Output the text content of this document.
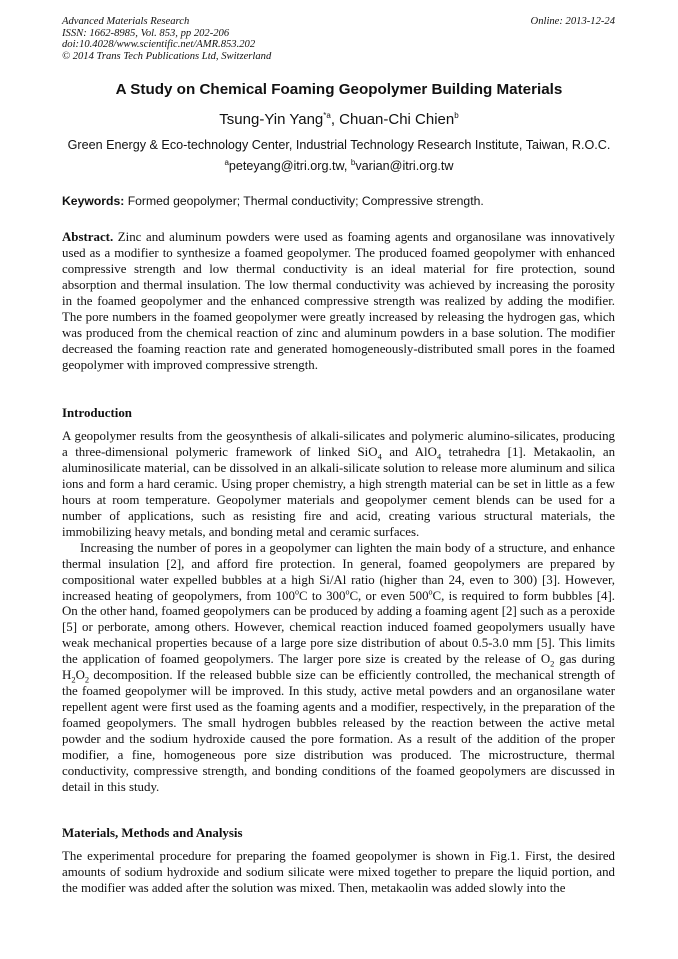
Advanced Materials Research
ISSN: 1662-8985, Vol. 853, pp 202-206
doi:10.4028/www.scientific.net/AMR.853.202
© 2014 Trans Tech Publications Ltd, Switzerland
Online: 2013-12-24
A Study on Chemical Foaming Geopolymer Building Materials
Tsung-Yin Yang$^{*a}$, Chuan-Chi Chien$^b$
Green Energy & Eco-technology Center, Industrial Technology Research Institute, Taiwan, R.O.C.
$^a$peteyang@itri.org.tw, $^b$varian@itri.org.tw
Keywords: Formed geopolymer; Thermal conductivity; Compressive strength.

Abstract. Zinc and aluminum powders were used as foaming agents and organosilane was innovatively used as a modifier to synthesize a foamed geopolymer. The produced foamed geopolymer with enhanced compressive strength and low thermal conductivity is an ideal material for fire protection, sound absorption and thermal insulation. The low thermal conductivity was achieved by increasing the porosity in the foamed geopolymer and the enhanced compressive strength was realized by adding the modifier. The pore numbers in the foamed geopolymer were greatly increased by releasing the hydrogen gas, which was produced from the chemical reaction of zinc and aluminum powders in a base solution. The modifier decreased the foaming reaction rate and generated homogeneously-distributed small pores in the foamed geopolymer with improved compressive strength.

Introduction

A geopolymer results from the geosynthesis of alkali-silicates and polymeric alumino-silicates, producing a three-dimensional polymeric framework of linked SiO$_4$ and AlO$_4$ tetrahedra [1]. Metakaolin, an aluminosilicate material, can be dissolved in an alkali-silicate solution to release more aluminum and silica ions and form a hard ceramic. Using proper chemistry, a high strength material can be set in little as a few hours at room temperature. Geopolymer materials and geopolymer cement blends can be used for a number of applications, such as resisting fire and acid, creating various structural materials, the immobilizing heavy metals, and bonding metal and ceramic surfaces.

Increasing the number of pores in a geopolymer can lighten the main body of a structure, and enhance thermal insulation [2], and afford fire protection. In general, foamed geopolymers are prepared by compositional water expelled bubbles at a high Si/Al ratio (higher than 24, even to 300) [3]. However, increased heating of geopolymers, from 100$^o$C to 300$^o$C, or even 500$^o$C, is required to form bubbles [4]. On the other hand, foamed geopolymers can be produced by adding a foaming agent [2] such as a peroxide [5] or perborate, among others. However, chemical reaction induced foamed geopolymers usually have weak mechanical properties because of a large pore size distribution of about 0.5-3.0 mm [5]. This limits the application of foamed geopolymers. The larger pore size is created by the release of $O_2$ gas during $H_2O_2$ decomposition. If the released bubble size can be efficiently controlled, the mechanical strength of the foamed geopolymer will be improved. In this study, active metal powders and an organosilane water repellent agent were first used as the foaming agents and a modifier, respectively, in the preparation of the foamed geopolymers. The small hydrogen bubbles released by the reaction between the active metal powder and the sodium hydroxide caused the pore formation. As a result of the addition of the proper modifier, a fine, homogeneous pore size distribution was produced. The microstructure, thermal conductivity, compressive strength, and bonding conditions of the foamed geopolymers are discussed in detail in this study.

Materials, Methods and Analysis

The experimental procedure for preparing the foamed geopolymer is shown in Fig.1. First, the desired amounts of sodium hydroxide and sodium silicate were mixed together to prepare the liquid portion, and the modifier was added after the solution was mixed. Then, metakaolin was added slowly into the
